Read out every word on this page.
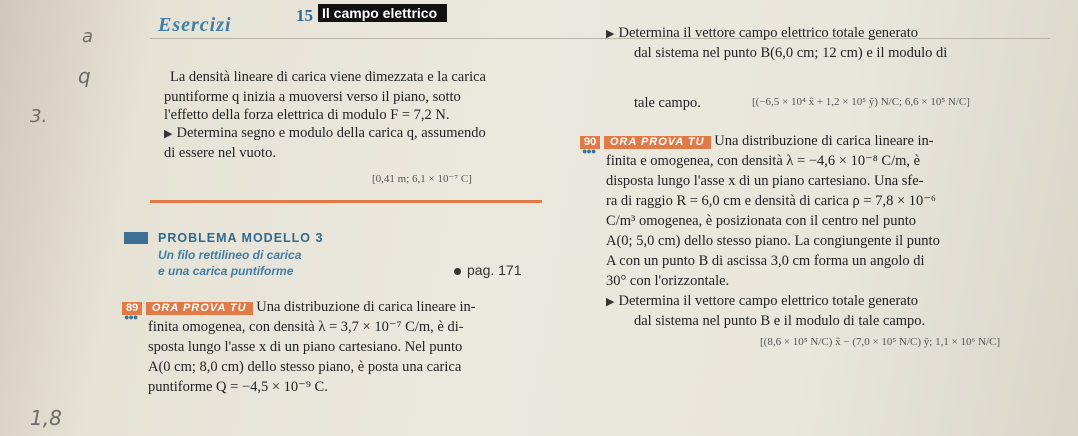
a
q
3.
1,8
Esercizi	15 Il campo elettrico
La densità lineare di carica viene dimezzata e la carica
puntiforme q inizia a muoversi verso il piano, sotto
l'effetto della forza elettrica di modulo F = 7,2 N.
▶ Determina segno e modulo della carica q, assumendo
di essere nel vuoto.
[0,41 m; 6,1 × 10⁻⁷ C]
PROBLEMA MODELLO 3
Un filo rettilineo di carica
e una carica puntiforme	pag. 171
89 ORA PROVA TU Una distribuzione di carica lineare in-
●●●
finita omogenea, con densità λ = 3,7 × 10⁻⁷ C/m, è di-
sposta lungo l'asse x di un piano cartesiano. Nel punto
A(0 cm; 8,0 cm) dello stesso piano, è posta una carica
puntiforme Q = −4,5 × 10⁻⁹ C.
▶ Determina il vettore campo elettrico totale generato
dal sistema nel punto B(6,0 cm; 12 cm) e il modulo di
tale campo.	[(−6,5 × 10⁴ x̂ + 1,2 × 10⁵ ŷ) N/C; 6,6 × 10⁵ N/C]
90 ORA PROVA TU Una distribuzione di carica lineare in-
●●●
finita e omogenea, con densità λ = −4,6 × 10⁻⁸ C/m, è
disposta lungo l'asse x di un piano cartesiano. Una sfe-
ra di raggio R = 6,0 cm e densità di carica ρ = 7,8 × 10⁻⁶
C/m³ omogenea, è posizionata con il centro nel punto
A(0; 5,0 cm) dello stesso piano. La congiungente il punto
A con un punto B di ascissa 3,0 cm forma un angolo di
30° con l'orizzontale.
▶ Determina il vettore campo elettrico totale generato
dal sistema nel punto B e il modulo di tale campo.
[(8,6 × 10⁵ N/C) x̂ − (7,0 × 10⁵ N/C) ŷ; 1,1 × 10⁶ N/C]
